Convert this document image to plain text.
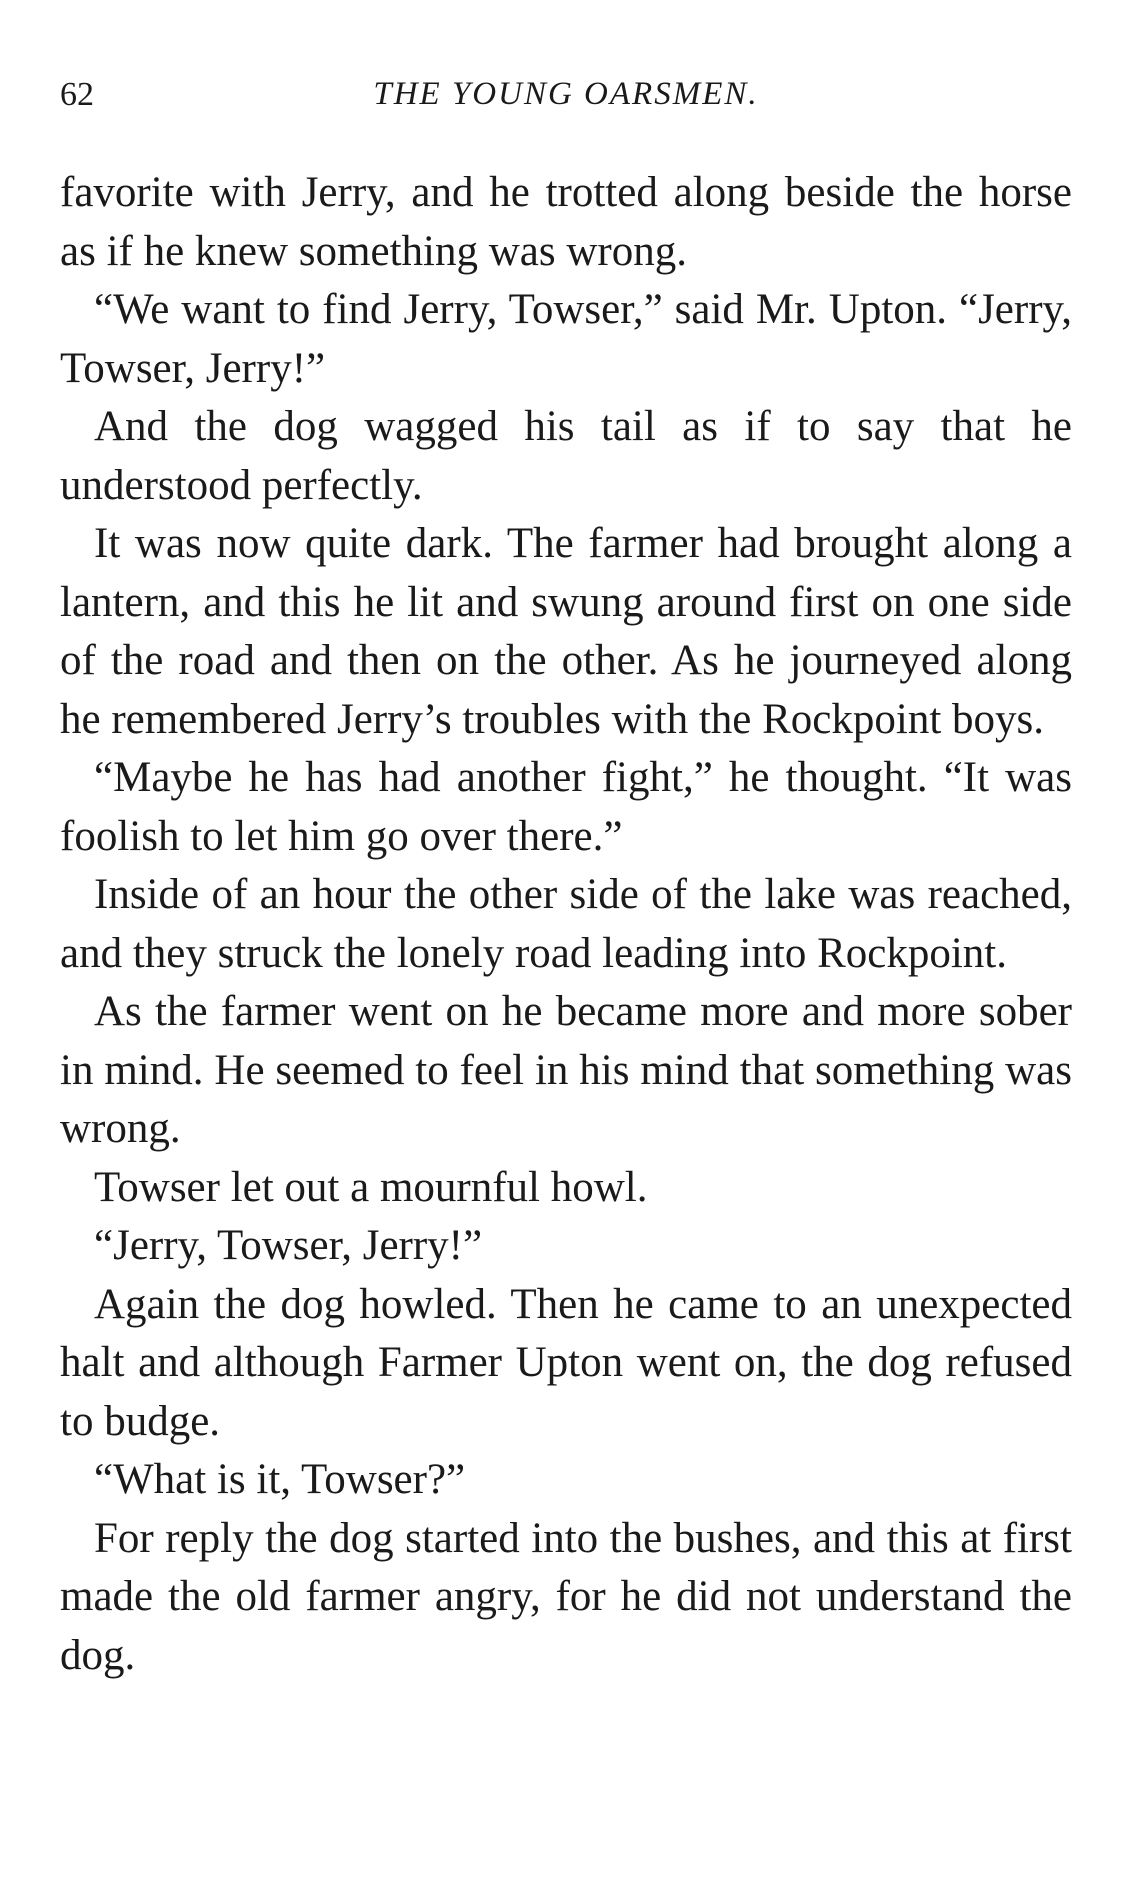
62	THE YOUNG OARSMEN.

favorite with Jerry, and he trotted along beside the horse as if he knew something was wrong.

“We want to find Jerry, Towser,” said Mr. Upton. “Jerry, Towser, Jerry!”

And the dog wagged his tail as if to say that he understood perfectly.

It was now quite dark. The farmer had brought along a lantern, and this he lit and swung around first on one side of the road and then on the other. As he journeyed along he remembered Jerry’s troubles with the Rockpoint boys.

“Maybe he has had another fight,” he thought. “It was foolish to let him go over there.”

Inside of an hour the other side of the lake was reached, and they struck the lonely road leading into Rockpoint.

As the farmer went on he became more and more sober in mind. He seemed to feel in his mind that something was wrong.

Towser let out a mournful howl.

“Jerry, Towser, Jerry!”

Again the dog howled. Then he came to an unexpected halt and although Farmer Upton went on, the dog refused to budge.

“What is it, Towser?”

For reply the dog started into the bushes, and this at first made the old farmer angry, for he did not understand the dog.
